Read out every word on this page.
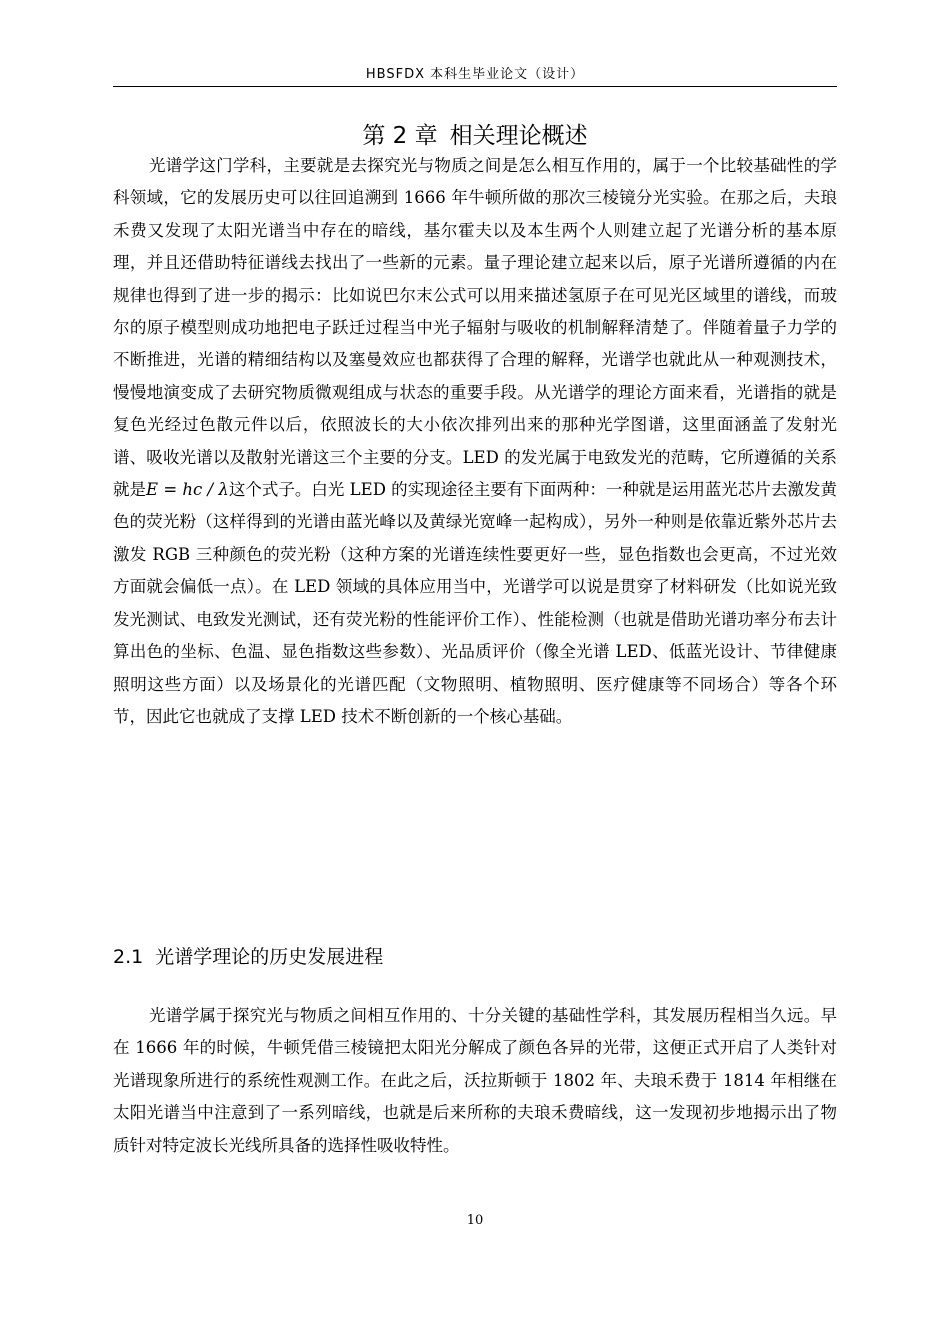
HBSFDX 本科生毕业论文（设计）
第 2 章 相关理论概述

光谱学这门学科，主要就是去探究光与物质之间是怎么相互作用的，属于一个比较基础性的学科领域，它的发展历史可以往回追溯到 1666 年牛顿所做的那次三棱镜分光实验。在那之后，夫琅禾费又发现了太阳光谱当中存在的暗线，基尔霍夫以及本生两个人则建立起了光谱分析的基本原理，并且还借助特征谱线去找出了一些新的元素。量子理论建立起来以后，原子光谱所遵循的内在规律也得到了进一步的揭示：比如说巴尔末公式可以用来描述氢原子在可见光区域里的谱线，而玻尔的原子模型则成功地把电子跃迁过程当中光子辐射与吸收的机制解释清楚了。伴随着量子力学的不断推进，光谱的精细结构以及塞曼效应也都获得了合理的解释，光谱学也就此从一种观测技术，慢慢地演变成了去研究物质微观组成与状态的重要手段。从光谱学的理论方面来看，光谱指的就是复色光经过色散元件以后，依照波长的大小依次排列出来的那种光学图谱，这里面涵盖了发射光谱、吸收光谱以及散射光谱这三个主要的分支。LED 的发光属于电致发光的范畴，它所遵循的关系就是E = hc / λ这个式子。白光 LED 的实现途径主要有下面两种：一种就是运用蓝光芯片去激发黄色的荧光粉（这样得到的光谱由蓝光峰以及黄绿光宽峰一起构成），另外一种则是依靠近紫外芯片去激发 RGB 三种颜色的荧光粉（这种方案的光谱连续性要更好一些，显色指数也会更高，不过光效方面就会偏低一点）。在 LED 领域的具体应用当中，光谱学可以说是贯穿了材料研发（比如说光致发光测试、电致发光测试，还有荧光粉的性能评价工作）、性能检测（也就是借助光谱功率分布去计算出色的坐标、色温、显色指数这些参数）、光品质评价（像全光谱 LED、低蓝光设计、节律健康照明这些方面）以及场景化的光谱匹配（文物照明、植物照明、医疗健康等不同场合）等各个环节，因此它也就成了支撑 LED 技术不断创新的一个核心基础。

2.1 光谱学理论的历史发展进程

光谱学属于探究光与物质之间相互作用的、十分关键的基础性学科，其发展历程相当久远。早在 1666 年的时候，牛顿凭借三棱镜把太阳光分解成了颜色各异的光带，这便正式开启了人类针对光谱现象所进行的系统性观测工作。在此之后，沃拉斯顿于 1802 年、夫琅禾费于 1814 年相继在太阳光谱当中注意到了一系列暗线，也就是后来所称的夫琅禾费暗线，这一发现初步地揭示出了物质针对特定波长光线所具备的选择性吸收特性。

10
